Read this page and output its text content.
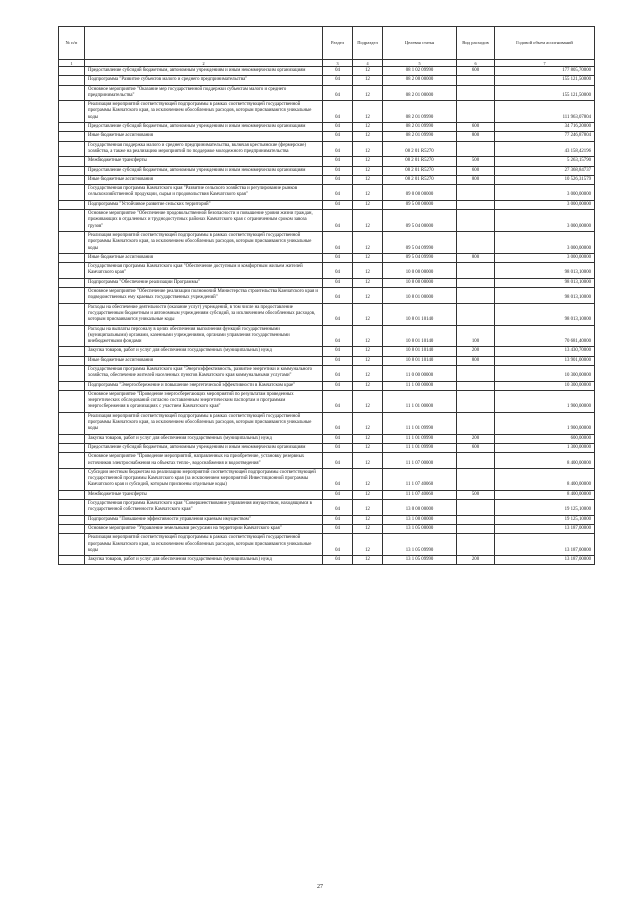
№ п/п		Раздел	Подраздел	Целевая статья	Вид расходов	Годовой объем ассигнований
1	2	3	4	5	6	7
	Предоставление субсидий бюджетным, автономным учреждениям и иным некоммерческим организациям	04	12	08 1 02 09990	600	177 805,70000
	Подпрограмма "Развитие субъектов малого и среднего предпринимательства"	04	12	08 2 00 00000		155 121,50000
	Основное мероприятие "Оказание мер государственной поддержки субъектам малого и среднего предпринимательства"	04	12	08 2 01 00000		155 121,50000
	Реализация мероприятий соответствующей подпрограммы в рамках соответствующей государственной программы Камчатского края, за исключением обособленных расходов, которым присваиваются уникальные коды	04	12	08 2 01 09990		111 963,07804
	Предоставление субсидий бюджетным, автономным учреждениям и иным некоммерческим организациям	04	12	08 2 01 09990	600	34 716,20000
	Иные бюджетные ассигнования	04	12	08 2 01 09990	800	77 246,87804
	Государственная поддержка малого и среднего предпринимательства, включая крестьянские (фермерские) хозяйства, а также на реализацию мероприятий по поддержке молодежного предпринимательства	04	12	08 2 01 R5270		43 158,42196
	Межбюджетные трансферты	04	12	08 2 01 R5270	500	5 263,15790
	Предоставление субсидий бюджетным, автономным учреждениям и иным некоммерческим организациям	04	12	08 2 01 R5270	600	27 368,84737
	Иные бюджетные ассигнования	04	12	08 2 01 R5270	800	10 526,31579
	Государственная программа Камчатского края "Развитие сельского хозяйства и регулирование рынков сельскохозяйственной продукции, сырья и продовольствия Камчатского края"	04	12	09 0 00 00000		3 000,00000
	Подпрограмма "Устойчивое развитие сельских территорий"	04	12	09 5 00 00000		3 000,00000
	Основное мероприятие "Обеспечение продовольственной безопасности и повышение уровня жизни граждан, проживающих в отдаленных и труднодоступных районах Камчатского края с ограниченным сроком завоза грузов"	04	12	09 5 04 00000		3 000,00000
	Реализация мероприятий соответствующей подпрограммы в рамках соответствующей государственной программы Камчатского края, за исключением обособленных расходов, которым присваиваются уникальные коды	04	12	09 5 04 09990		3 000,00000
	Иные бюджетные ассигнования	04	12	09 5 04 09990	800	3 000,00000
	Государственная программа Камчатского края "Обеспечение доступным и комфортным жильем жителей Камчатского края"	04	12	10 0 00 00000		98 013,10000
	Подпрограмма "Обеспечение реализации Программы"	04	12	10 8 00 00000		98 013,10000
	Основное мероприятие "Обеспечение реализации полномочий Министерства строительства Камчатского края и подведомственных ему краевых государственных учреждений"	04	12	10 8 01 00000		98 013,10000
	Расходы на обеспечение деятельности (оказание услуг) учреждений, в том числе на предоставление государственным бюджетным и автономным учреждениям субсидий, за исключением обособленных расходов, которым присваиваются уникальные коды	04	12	10 8 01 10140		98 013,10000
	Расходы на выплаты персоналу в целях обеспечения выполнения функций государственными (муниципальными) органами, казенными учреждениями, органами управления государственными внебюджетными фондами	04	12	10 8 01 10140	100	70 681,40000
	Закупка товаров, работ и услуг для обеспечения государственных (муниципальных) нужд	04	12	10 8 01 10140	200	13 430,70000
	Иные бюджетные ассигнования	04	12	10 8 01 10140	800	13 901,00000
	Государственная программа Камчатского края "Энергоэффективность, развитие энергетики и коммунального хозяйства, обеспечение жителей населенных пунктов Камчатского края коммунальными услугами"	04	12	11 0 00 00000		10 300,00000
	Подпрограмма "Энергосбережение и повышение энергетической эффективности в Камчатском крае"	04	12	11 1 00 00000		10 300,00000
	Основное мероприятие "Проведение энергосберегающих мероприятий по результатам проведенных энергетических обследований согласно составленным энергетическим паспортам и программам энергосбережения в организациях с участием Камчатского края"	04	12	11 1 01 00000		1 900,00000
	Реализация мероприятий соответствующей подпрограммы в рамках соответствующей государственной программы Камчатского края, за исключением обособленных расходов, которым присваиваются уникальные коды	04	12	11 1 01 09990		1 900,00000
	Закупка товаров, работ и услуг для обеспечения государственных (муниципальных) нужд	04	12	11 1 01 09990	200	600,00000
	Предоставление субсидий бюджетным, автономным учреждениям и иным некоммерческим организациям	04	12	11 1 01 09990	600	1 300,00000
	Основное мероприятие "Проведение мероприятий, направленных на приобретение, установку резервных источников электроснабжения на объектах тепло-, водоснабжения и водоотведения"	04	12	11 1 07 00000		8 400,00000
	Субсидии местным бюджетам на реализацию мероприятий соответствующей подпрограммы соответствующей государственной программы Камчатского края (за исключением мероприятий Инвестиционной программы Камчатского края и субсидий, которым присвоены отдельные коды)	04	12	11 1 07 40060		8 400,00000
	Межбюджетные трансферты	04	12	11 1 07 40060	500	8 400,00000
	Государственная программа Камчатского края "Совершенствование управления имуществом, находящимся в государственной собственности Камчатского края"	04	12	13 0 00 00000		19 125,10000
	Подпрограмма "Повышение эффективности управления краевым имуществом"	04	12	13 1 00 00000		19 125,10000
	Основное мероприятие "Управление земельными ресурсами на территории Камчатского края"	04	12	13 1 05 00000		13 187,00000
	Реализация мероприятий соответствующей подпрограммы в рамках соответствующей государственной программы Камчатского края, за исключением обособленных расходов, которым присваиваются уникальные коды	04	12	13 1 05 09990		13 187,00000
	Закупка товаров, работ и услуг для обеспечения государственных (муниципальных) нужд	04	12	13 1 05 09990	200	13 187,00000
27
